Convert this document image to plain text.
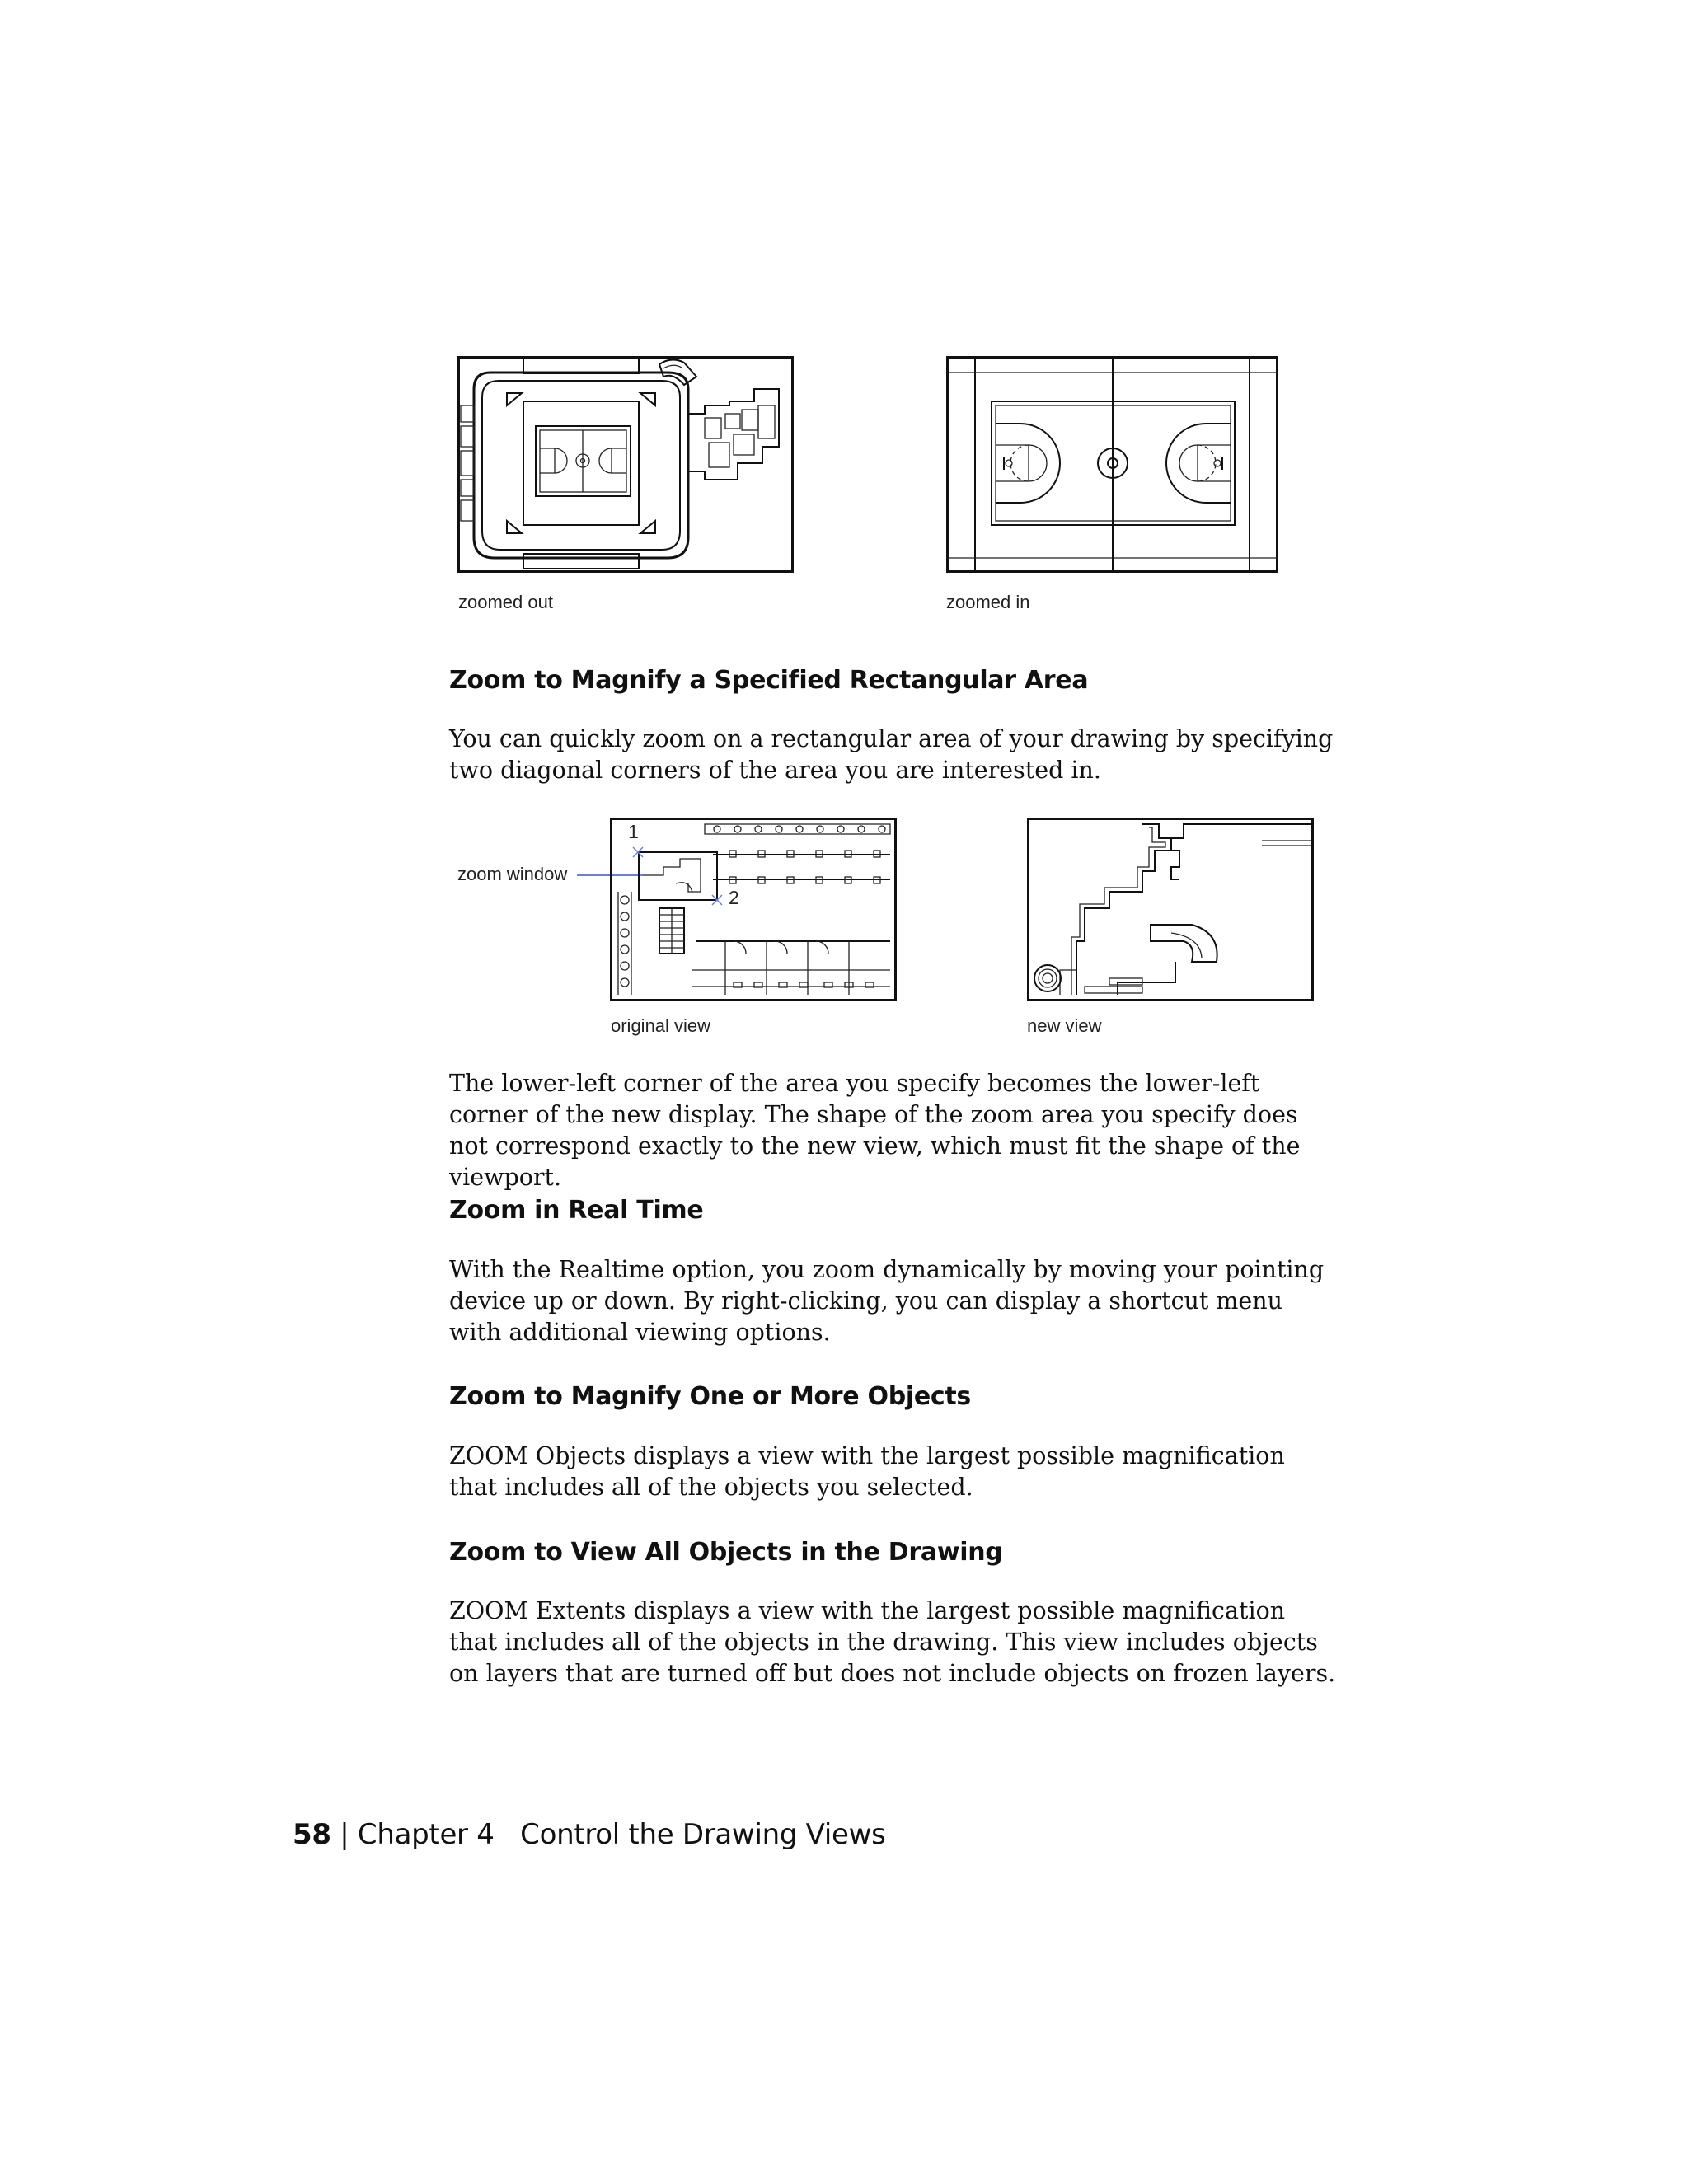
zoomed out	zoomed in
Zoom to Magnify a Specified Rectangular Area

You can quickly zoom on a rectangular area of your drawing by specifying two diagonal corners of the area you are interested in.

zoom window
1
2
original view	new view

The lower-left corner of the area you specify becomes the lower-left corner of the new display. The shape of the zoom area you specify does not correspond exactly to the new view, which must fit the shape of the viewport.

Zoom in Real Time
With the Realtime option, you zoom dynamically by moving your pointing device up or down. By right-clicking, you can display a shortcut menu with additional viewing options.
Zoom to Magnify One or More Objects
ZOOM Objects displays a view with the largest possible magnification that includes all of the objects you selected.
Zoom to View All Objects in the Drawing
ZOOM Extents displays a view with the largest possible magnification that includes all of the objects in the drawing. This view includes objects on layers that are turned off but does not include objects on frozen layers.
58 | Chapter 4 Control the Drawing Views
